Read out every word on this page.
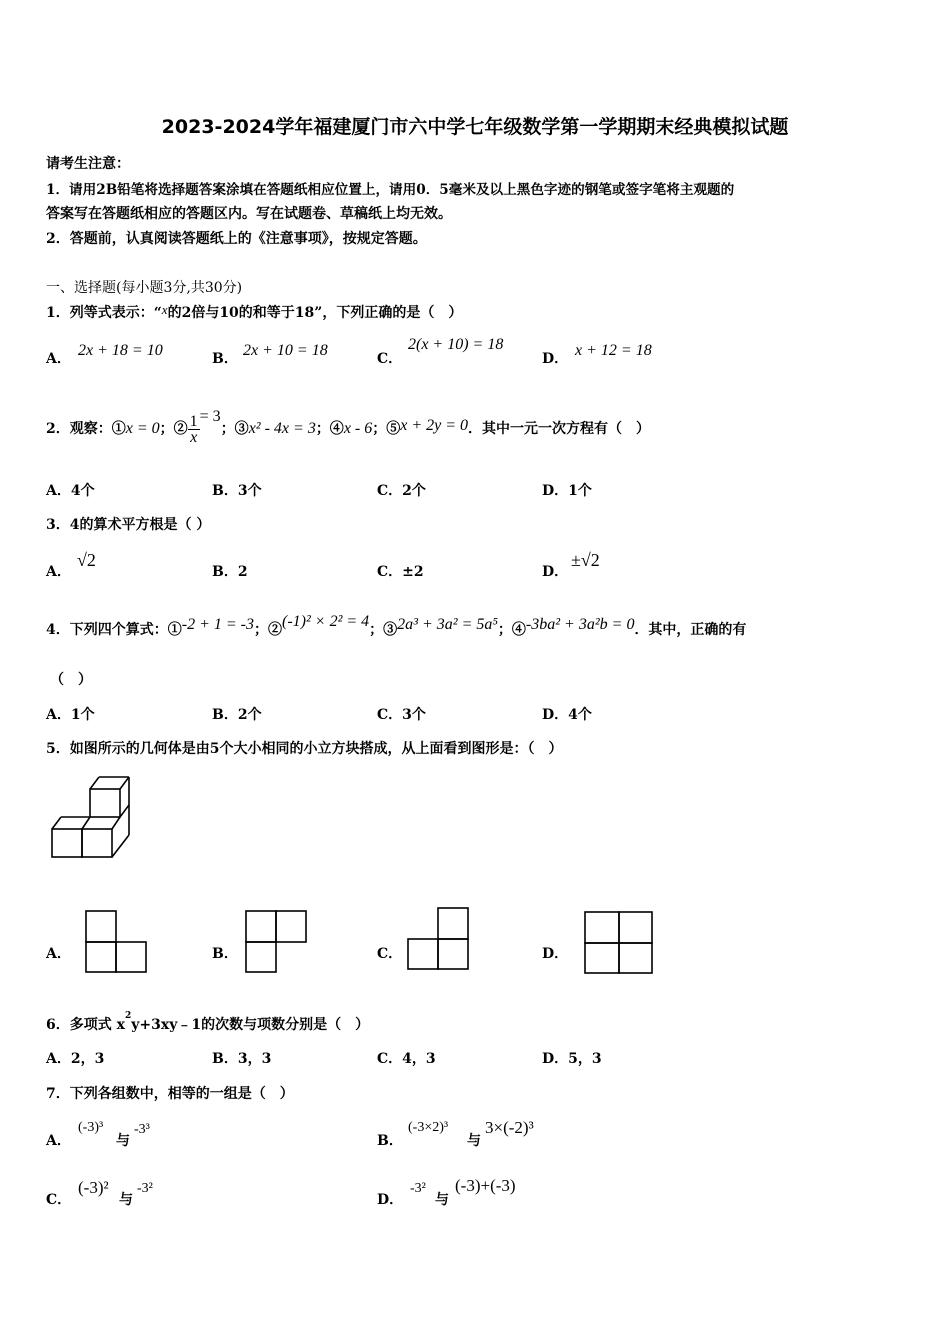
2023-2024学年福建厦门市六中学七年级数学第一学期期末经典模拟试题
请考生注意：
1．请用2B铅笔将选择题答案涂填在答题纸相应位置上，请用0．5毫米及以上黑色字迹的钢笔或签字笔将主观题的
答案写在答题纸相应的答题区内。写在试题卷、草稿纸上均无效。
2．答题前，认真阅读答题纸上的《注意事项》，按规定答题。
一、选择题(每小题3分,共30分)
1．列等式表示：“x的2倍与10的和等于18”，下列正确的是（　）
A． 2x + 18 = 10	B． 2x + 10 = 18	C．
2(x + 10) = 18
D． x + 12 = 18
2．观察：①x = 0；② $\frac{1}{x} = 3$；③x² - 4x = 3；④x - 6；⑤x + 2y = 0．其中一元一次方程有（　）
A．4个	B．3个	C．2个	D．1个
3．4的算术平方根是（ ）
A．
√2
B．2	C．±2	D．
±√2
4．下列四个算式：①-2 + 1 = -3；②(-1)² × 2² = 4；③2a³ + 3a² = 5a⁵；④-3ba² + 3a²b = 0．其中，正确的有
（　）
A．1个	B．2个	C．3个	D．4个
5．如图所示的几何体是由5个大小相同的小立方块搭成，从上面看到图形是：（　）
A．	B．	C．	D．
6．多项式 $x^2y+3xy﹣1$的次数与项数分别是（　）
A．2，3	B．3，3	C．4，3	D．5，3
7．下列各组数中，相等的一组是（　）
A．
(-3)³
与
-3³
B．
(-3×2)³
与
3×(-2)³
C．
(-3)²
与
-3²
D．
-3²
与
(-3)+(-3)
